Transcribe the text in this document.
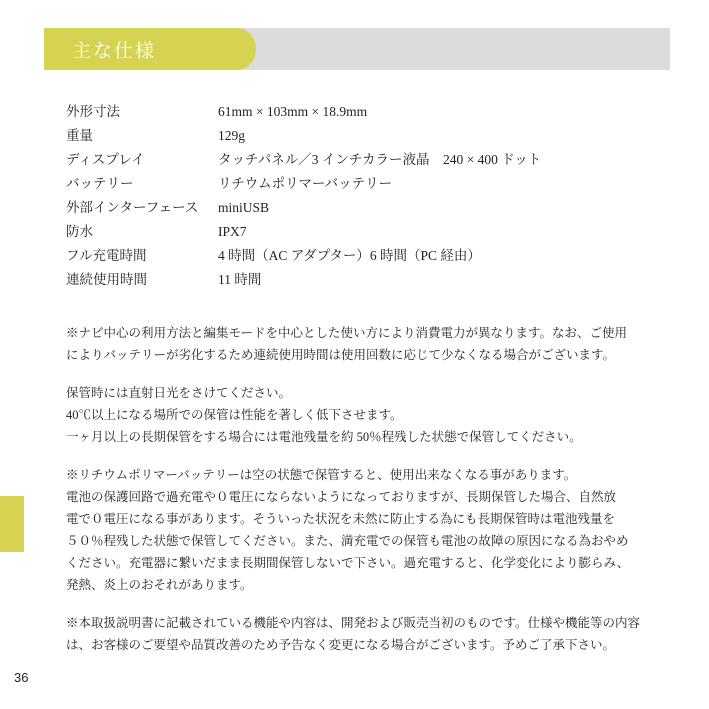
主な仕様
外形寸法	61mm × 103mm × 18.9mm
重量	129g
ディスプレイ	タッチパネル／3 インチカラー液晶　240 × 400 ドット
バッテリー	リチウムポリマーバッテリー
外部インターフェース	miniUSB
防水	IPX7
フル充電時間	4 時間（AC アダプター）6 時間（PC 経由）
連続使用時間	11 時間
※ナビ中心の利用方法と編集モードを中心とした使い方により消費電力が異なります。なお、ご使用
によりバッテリーが劣化するため連続使用時間は使用回数に応じて少なくなる場合がございます。
保管時には直射日光をさけてください。
40℃以上になる場所での保管は性能を著しく低下させます。
一ヶ月以上の長期保管をする場合には電池残量を約 50％程残した状態で保管してください。
※リチウムポリマーバッテリーは空の状態で保管すると、使用出来なくなる事があります。
電池の保護回路で過充電や０電圧にならないようになっておりますが、長期保管した場合、自然放
電で０電圧になる事があります。そういった状況を未然に防止する為にも長期保管時は電池残量を
５０％程残した状態で保管してください。また、満充電での保管も電池の故障の原因になる為おやめ
ください。充電器に繋いだまま長期間保管しないで下さい。過充電すると、化学変化により膨らみ、
発熱、炎上のおそれがあります。
※本取扱説明書に記載されている機能や内容は、開発および販売当初のものです。仕様や機能等の内容
は、お客様のご要望や品質改善のため予告なく変更になる場合がございます。予めご了承下さい。
36
